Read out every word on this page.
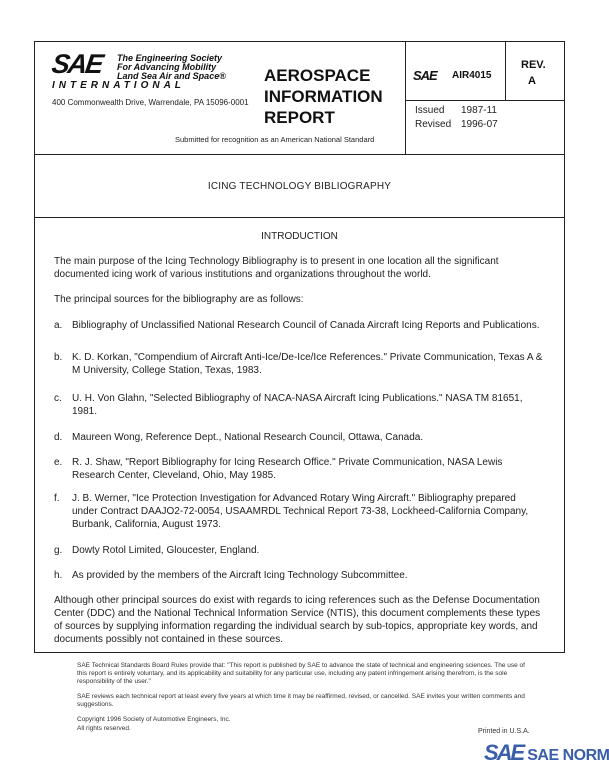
SAE	The Engineering Society
For Advancing Mobility
Land Sea Air and Space®
INTERNATIONAL
400 Commonwealth Drive, Warrendale, PA 15096-0001
AEROSPACE
INFORMATION
REPORT
Submitted for recognition as an American National Standard
SAE AIR4015
REV.
A
Issued 1987-11
Revised 1996-07
ICING TECHNOLOGY BIBLIOGRAPHY
INTRODUCTION
The main purpose of the Icing Technology Bibliography is to present in one location all the significant documented icing work of various institutions and organizations throughout the world.
The principal sources for the bibliography are as follows:
a. Bibliography of Unclassified National Research Council of Canada Aircraft Icing Reports and Publications.
b. K. D. Korkan, "Compendium of Aircraft Anti-Ice/De-Ice/Ice References." Private Communication, Texas A & M University, College Station, Texas, 1983.
c. U. H. Von Glahn, "Selected Bibliography of NACA-NASA Aircraft Icing Publications." NASA TM 81651, 1981.
d. Maureen Wong, Reference Dept., National Research Council, Ottawa, Canada.
e. R. J. Shaw, "Report Bibliography for Icing Research Office." Private Communication, NASA Lewis Research Center, Cleveland, Ohio, May 1985.
f. J. B. Werner, "Ice Protection Investigation for Advanced Rotary Wing Aircraft." Bibliography prepared under Contract DAAJO2-72-0054, USAAMRDL Technical Report 73-38, Lockheed-California Company, Burbank, California, August 1973.
g. Dowty Rotol Limited, Gloucester, England.
h. As provided by the members of the Aircraft Icing Technology Subcommittee.
Although other principal sources do exist with regards to icing references such as the Defense Documentation Center (DDC) and the National Technical Information Service (NTIS), this document complements these types of sources by supplying information regarding the individual search by sub-topics, appropriate key words, and documents possibly not contained in these sources.
SAE Technical Standards Board Rules provide that: "This report is published by SAE to advance the state of technical and engineering sciences. The use of this report is entirely voluntary, and its applicability and suitability for any particular use, including any patent infringement arising therefrom, is the sole responsibility of the user."
SAE reviews each technical report at least every five years at which time it may be reaffirmed, revised, or cancelled. SAE invites your written comments and suggestions.
Copyright 1996 Society of Automotive Engineers, Inc.
All rights reserved.	Printed in U.S.A.
SAE SAE NORM
